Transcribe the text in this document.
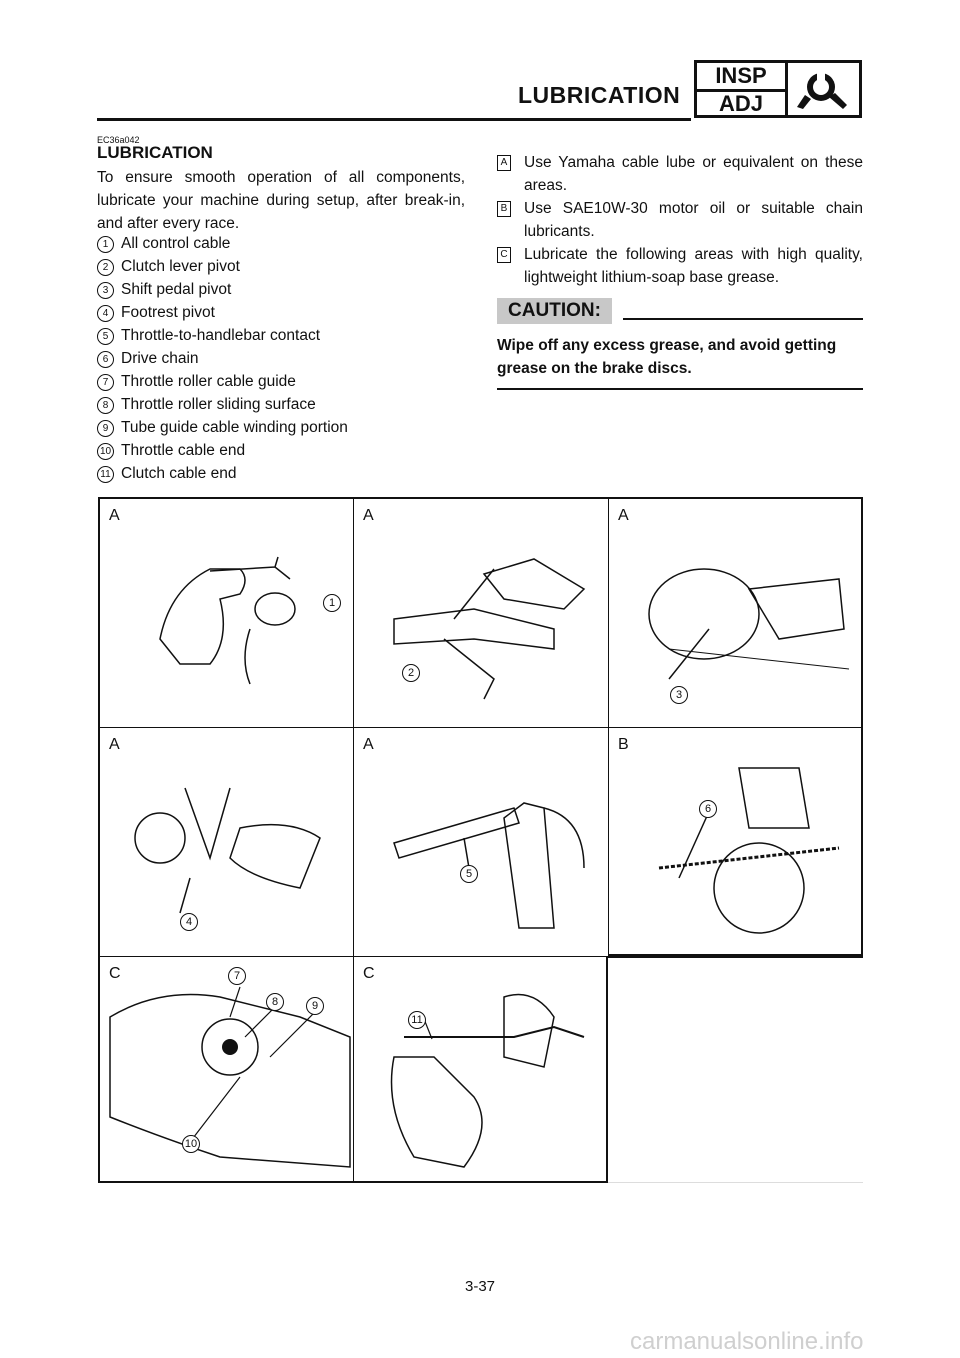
LUBRICATION
INSP
ADJ
EC36a042
LUBRICATION
To ensure smooth operation of all components, lubricate your machine during setup, after break-in, and after every race.
1 All control cable
2 Clutch lever pivot
3 Shift pedal pivot
4 Footrest pivot
5 Throttle-to-handlebar contact
6 Drive chain
7 Throttle roller cable guide
8 Throttle roller sliding surface
9 Tube guide cable winding portion
10 Throttle cable end
11 Clutch cable end
A Use Yamaha cable lube or equivalent on these areas.
B Use SAE10W-30 motor oil or suitable chain lubricants.
C Lubricate the following areas with high quality, lightweight lithium-soap base grease.
CAUTION:
Wipe off any excess grease, and avoid getting grease on the brake discs.
A
1
A
2
A
3
A
4
A
5
B
6
C	7
8	9
10
C
11
3-37
carmanualsonline.info
